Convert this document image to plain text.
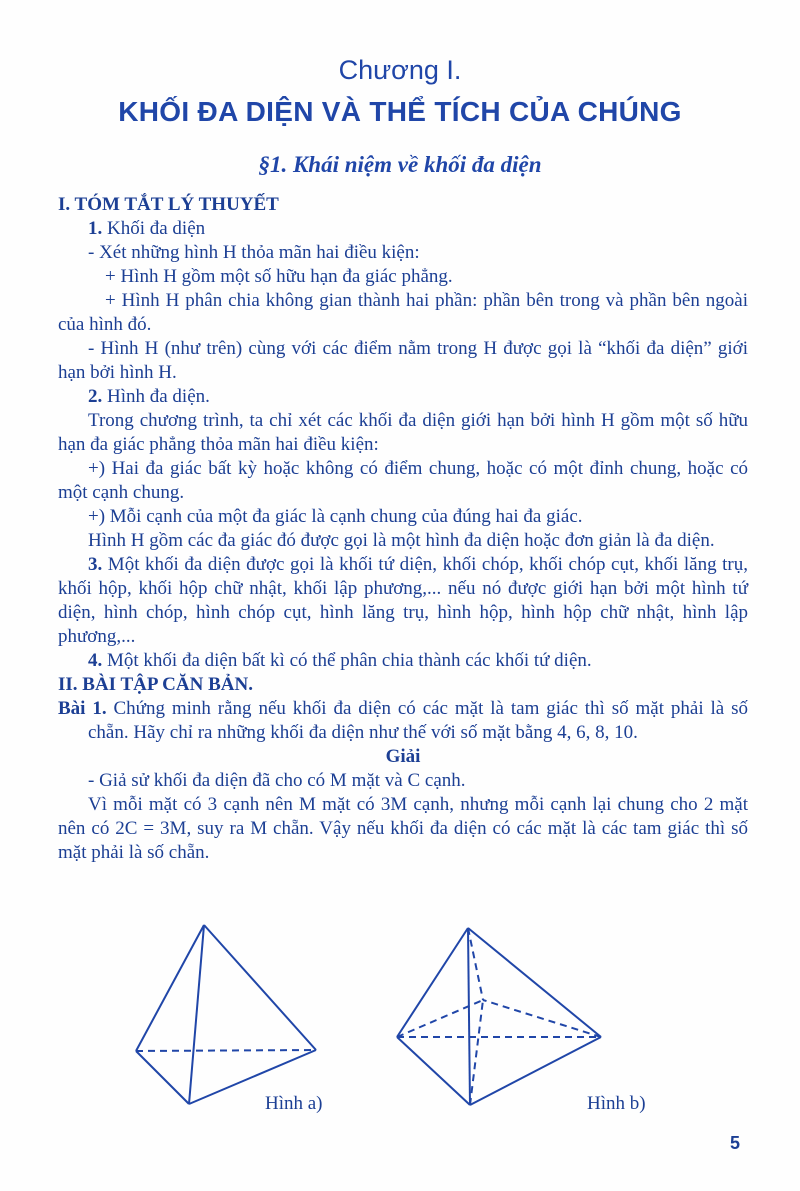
Chương I.
KHỐI ĐA DIỆN VÀ THỂ TÍCH CỦA CHÚNG
§1. Khái niệm về khối đa diện

I. TÓM TẮT LÝ THUYẾT

1. Khối đa diện

- Xét những hình H thỏa mãn hai điều kiện:

+ Hình H gồm một số hữu hạn đa giác phẳng.

+ Hình H phân chia không gian thành hai phần: phần bên trong và phần bên ngoài của hình đó.

- Hình H (như trên) cùng với các điểm nằm trong H được gọi là “khối đa diện” giới hạn bởi hình H.

2. Hình đa diện.

Trong chương trình, ta chỉ xét các khối đa diện giới hạn bởi hình H gồm một số hữu hạn đa giác phẳng thỏa mãn hai điều kiện:

+) Hai đa giác bất kỳ hoặc không có điểm chung, hoặc có một đỉnh chung, hoặc có một cạnh chung.

+) Mỗi cạnh của một đa giác là cạnh chung của đúng hai đa giác.

Hình H gồm các đa giác đó được gọi là một hình đa diện hoặc đơn giản là đa diện.

3. Một khối đa diện được gọi là khối tứ diện, khối chóp, khối chóp cụt, khối lăng trụ, khối hộp, khối hộp chữ nhật, khối lập phương,... nếu nó được giới hạn bởi một hình tứ diện, hình chóp, hình chóp cụt, hình lăng trụ, hình hộp, hình hộp chữ nhật, hình lập phương,...

4. Một khối đa diện bất kì có thể phân chia thành các khối tứ diện.

II. BÀI TẬP CĂN BẢN.

Bài 1. Chứng minh rằng nếu khối đa diện có các mặt là tam giác thì số mặt phải là số chẵn. Hãy chỉ ra những khối đa diện như thế với số mặt bằng 4, 6, 8, 10.

Giải

- Giả sử khối đa diện đã cho có M mặt và C cạnh.

Vì mỗi mặt có 3 cạnh nên M mặt có 3M cạnh, nhưng mỗi cạnh lại chung cho 2 mặt nên có 2C = 3M, suy ra M chẵn. Vậy nếu khối đa diện có các mặt là các tam giác thì số mặt phải là số chẵn.

Hình a)	Hình b)
5
